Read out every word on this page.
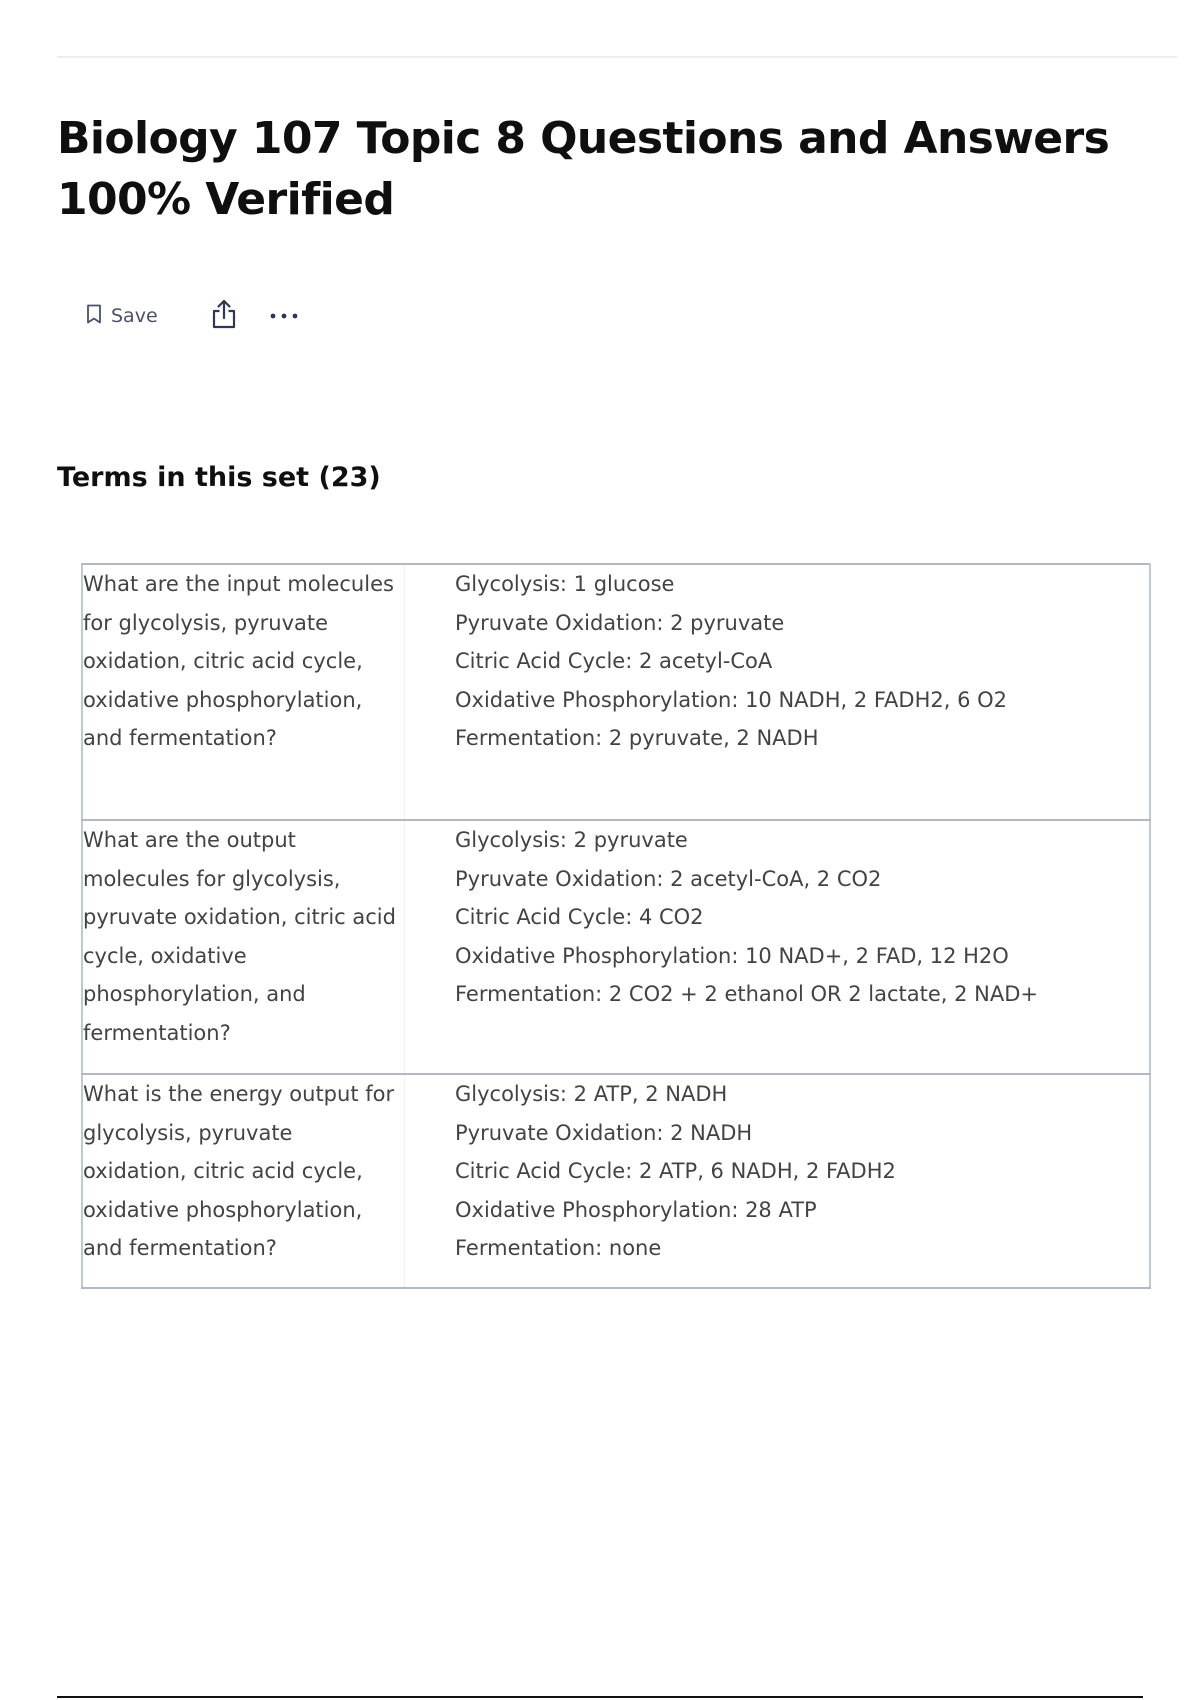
Biology 107 Topic 8 Questions and Answers 100% Verified
Save
Terms in this set (23)
What are the input molecules for glycolysis, pyruvate oxidation, citric acid cycle, oxidative phosphorylation, and fermentation?	Glycolysis: 1 glucose
Pyruvate Oxidation: 2 pyruvate
Citric Acid Cycle: 2 acetyl-CoA
Oxidative Phosphorylation: 10 NADH, 2 FADH2, 6 O2
Fermentation: 2 pyruvate, 2 NADH

What are the output molecules for glycolysis, pyruvate oxidation, citric acid cycle, oxidative phosphorylation, and fermentation?	Glycolysis: 2 pyruvate
Pyruvate Oxidation: 2 acetyl-CoA, 2 CO2
Citric Acid Cycle: 4 CO2
Oxidative Phosphorylation: 10 NAD+, 2 FAD, 12 H2O
Fermentation: 2 CO2 + 2 ethanol OR 2 lactate, 2 NAD+

What is the energy output for glycolysis, pyruvate oxidation, citric acid cycle, oxidative phosphorylation, and fermentation?	Glycolysis: 2 ATP, 2 NADH
Pyruvate Oxidation: 2 NADH
Citric Acid Cycle: 2 ATP, 6 NADH, 2 FADH2
Oxidative Phosphorylation: 28 ATP
Fermentation: none
